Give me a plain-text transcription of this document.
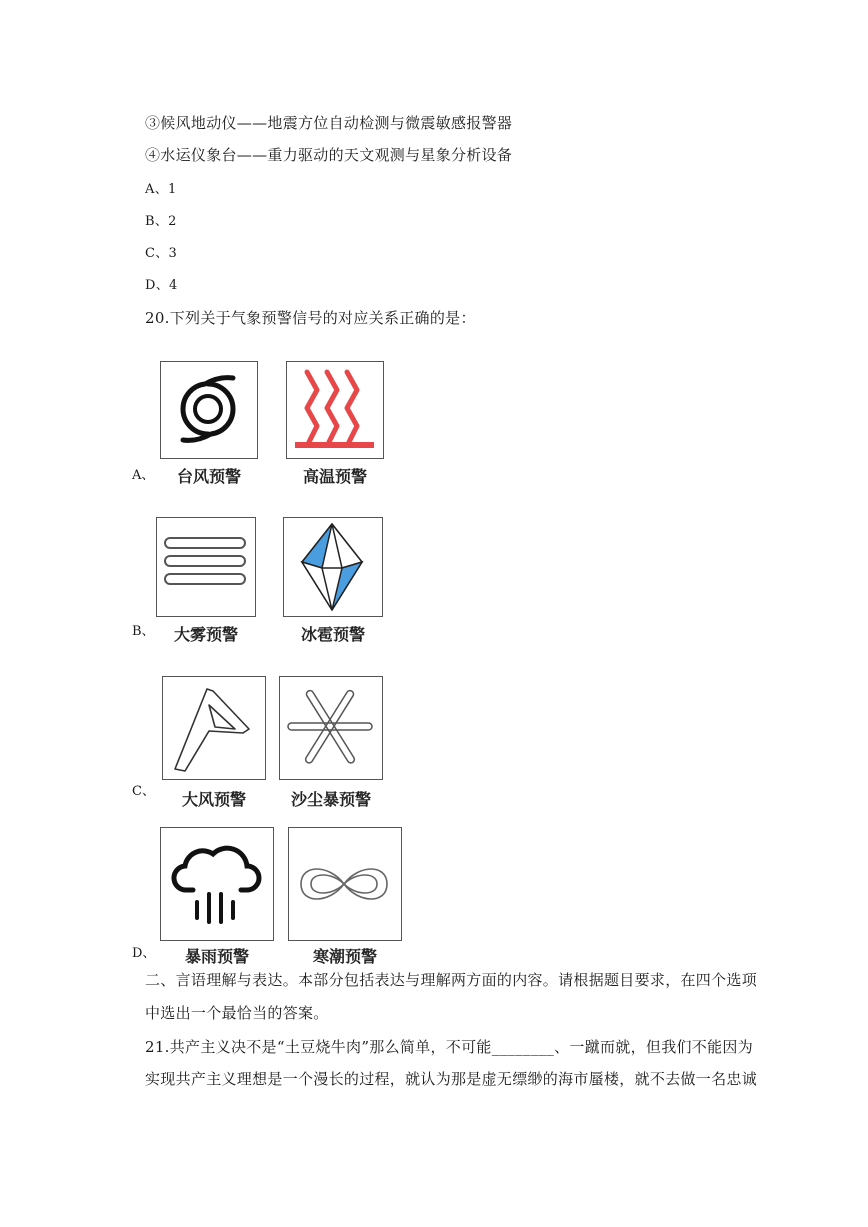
③候风地动仪——地震方位自动检测与微震敏感报警器
④水运仪象台——重力驱动的天文观测与星象分析设备
A、1
B、2
C、3
D、4
20.下列关于气象预警信号的对应关系正确的是：
A、	台风预警	高温预警
B、	大雾预警	冰雹预警
C、	大风预警	沙尘暴预警
D、	暴雨预警	寒潮预警
二、言语理解与表达。本部分包括表达与理解两方面的内容。请根据题目要求，在四个选项
中选出一个最恰当的答案。
21.共产主义决不是“土豆烧牛肉”那么简单，不可能________、一蹴而就，但我们不能因为
实现共产主义理想是一个漫长的过程，就认为那是虚无缥缈的海市蜃楼，就不去做一名忠诚
